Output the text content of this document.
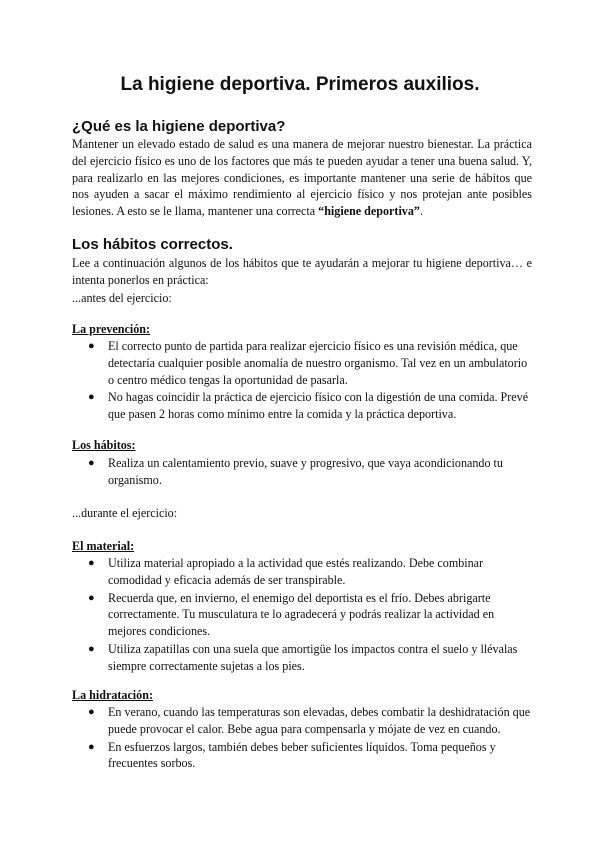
La higiene deportiva. Primeros auxilios.
¿Qué es la higiene deportiva?

Mantener un elevado estado de salud es una manera de mejorar nuestro bienestar. La práctica del ejercicio físico es uno de los factores que más te pueden ayudar a tener una buena salud. Y, para realizarlo en las mejores condiciones, es importante mantener una serie de hábitos que nos ayuden a sacar el máximo rendimiento al ejercicio físico y nos protejan ante posibles lesiones. A esto se le llama, mantener una correcta “higiene deportiva”.

Los hábitos correctos.

Lee a continuación algunos de los hábitos que te ayudarán a mejorar tu higiene deportiva… e intenta ponerlos en práctica:

...antes del ejercicio:

La prevención:

● El correcto punto de partida para realizar ejercicio físico es una revisión médica, que detectaría cualquier posible anomalía de nuestro organismo. Tal vez en un ambulatorio o centro médico tengas la oportunidad de pasarla.
● No hagas coincidir la práctica de ejercicio físico con la digestión de una comida. Prevé que pasen 2 horas como mínimo entre la comida y la práctica deportiva.

Los hábitos:

● Realiza un calentamiento previo, suave y progresivo, que vaya acondicionando tu organismo.

...durante el ejercicio:

El material:

● Utiliza material apropiado a la actividad que estés realizando. Debe combinar comodidad y eficacia además de ser transpirable.
● Recuerda que, en invierno, el enemigo del deportista es el frío. Debes abrigarte correctamente. Tu musculatura te lo agradecerá y podrás realizar la actividad en mejores condiciones.
● Utiliza zapatillas con una suela que amortigüe los impactos contra el suelo y llévalas siempre correctamente sujetas a los pies.

La hidratación:

● En verano, cuando las temperaturas son elevadas, debes combatir la deshidratación que puede provocar el calor. Bebe agua para compensarla y mójate de vez en cuando.
● En esfuerzos largos, también debes beber suficientes líquidos. Toma pequeños y frecuentes sorbos.
